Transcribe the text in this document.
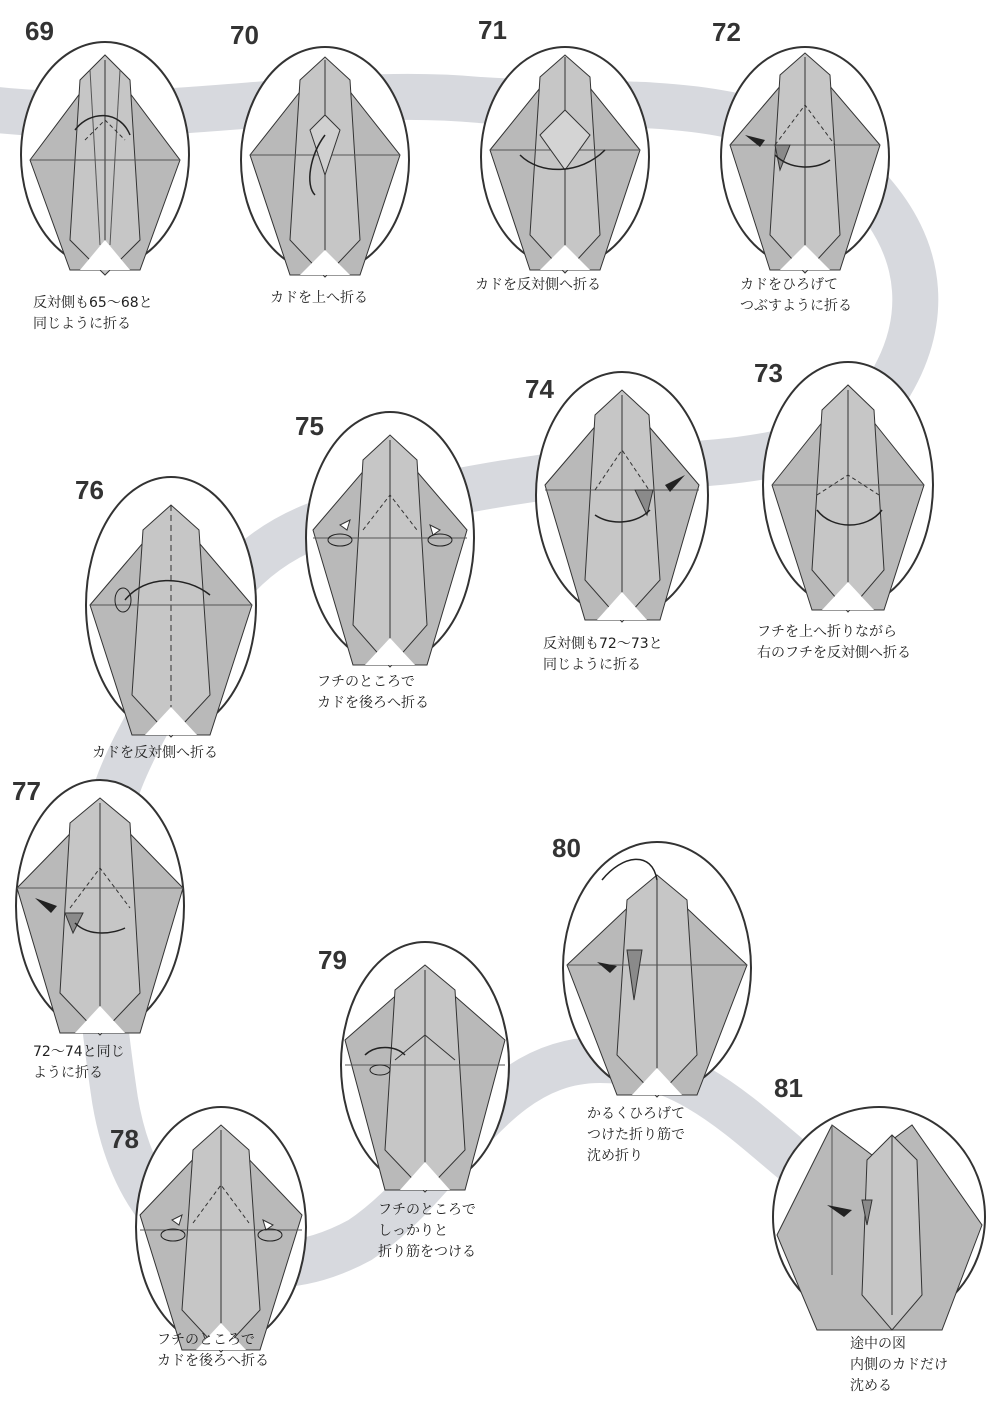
69
反対側も65〜68と
同じように折る
70
カドを上へ折る
71
カドを反対側へ折る
72
カドをひろげて
つぶすように折る
73
フチを上へ折りながら
右のフチを反対側へ折る
74
反対側も72〜73と
同じように折る
75
フチのところで
カドを後ろへ折る
76
カドを反対側へ折る
77
72〜74と同じ
ように折る
78
フチのところで
カドを後ろへ折る
79
フチのところで
しっかりと
折り筋をつける
80
かるくひろげて
つけた折り筋で
沈め折り
81
途中の図
内側のカドだけ
沈める
